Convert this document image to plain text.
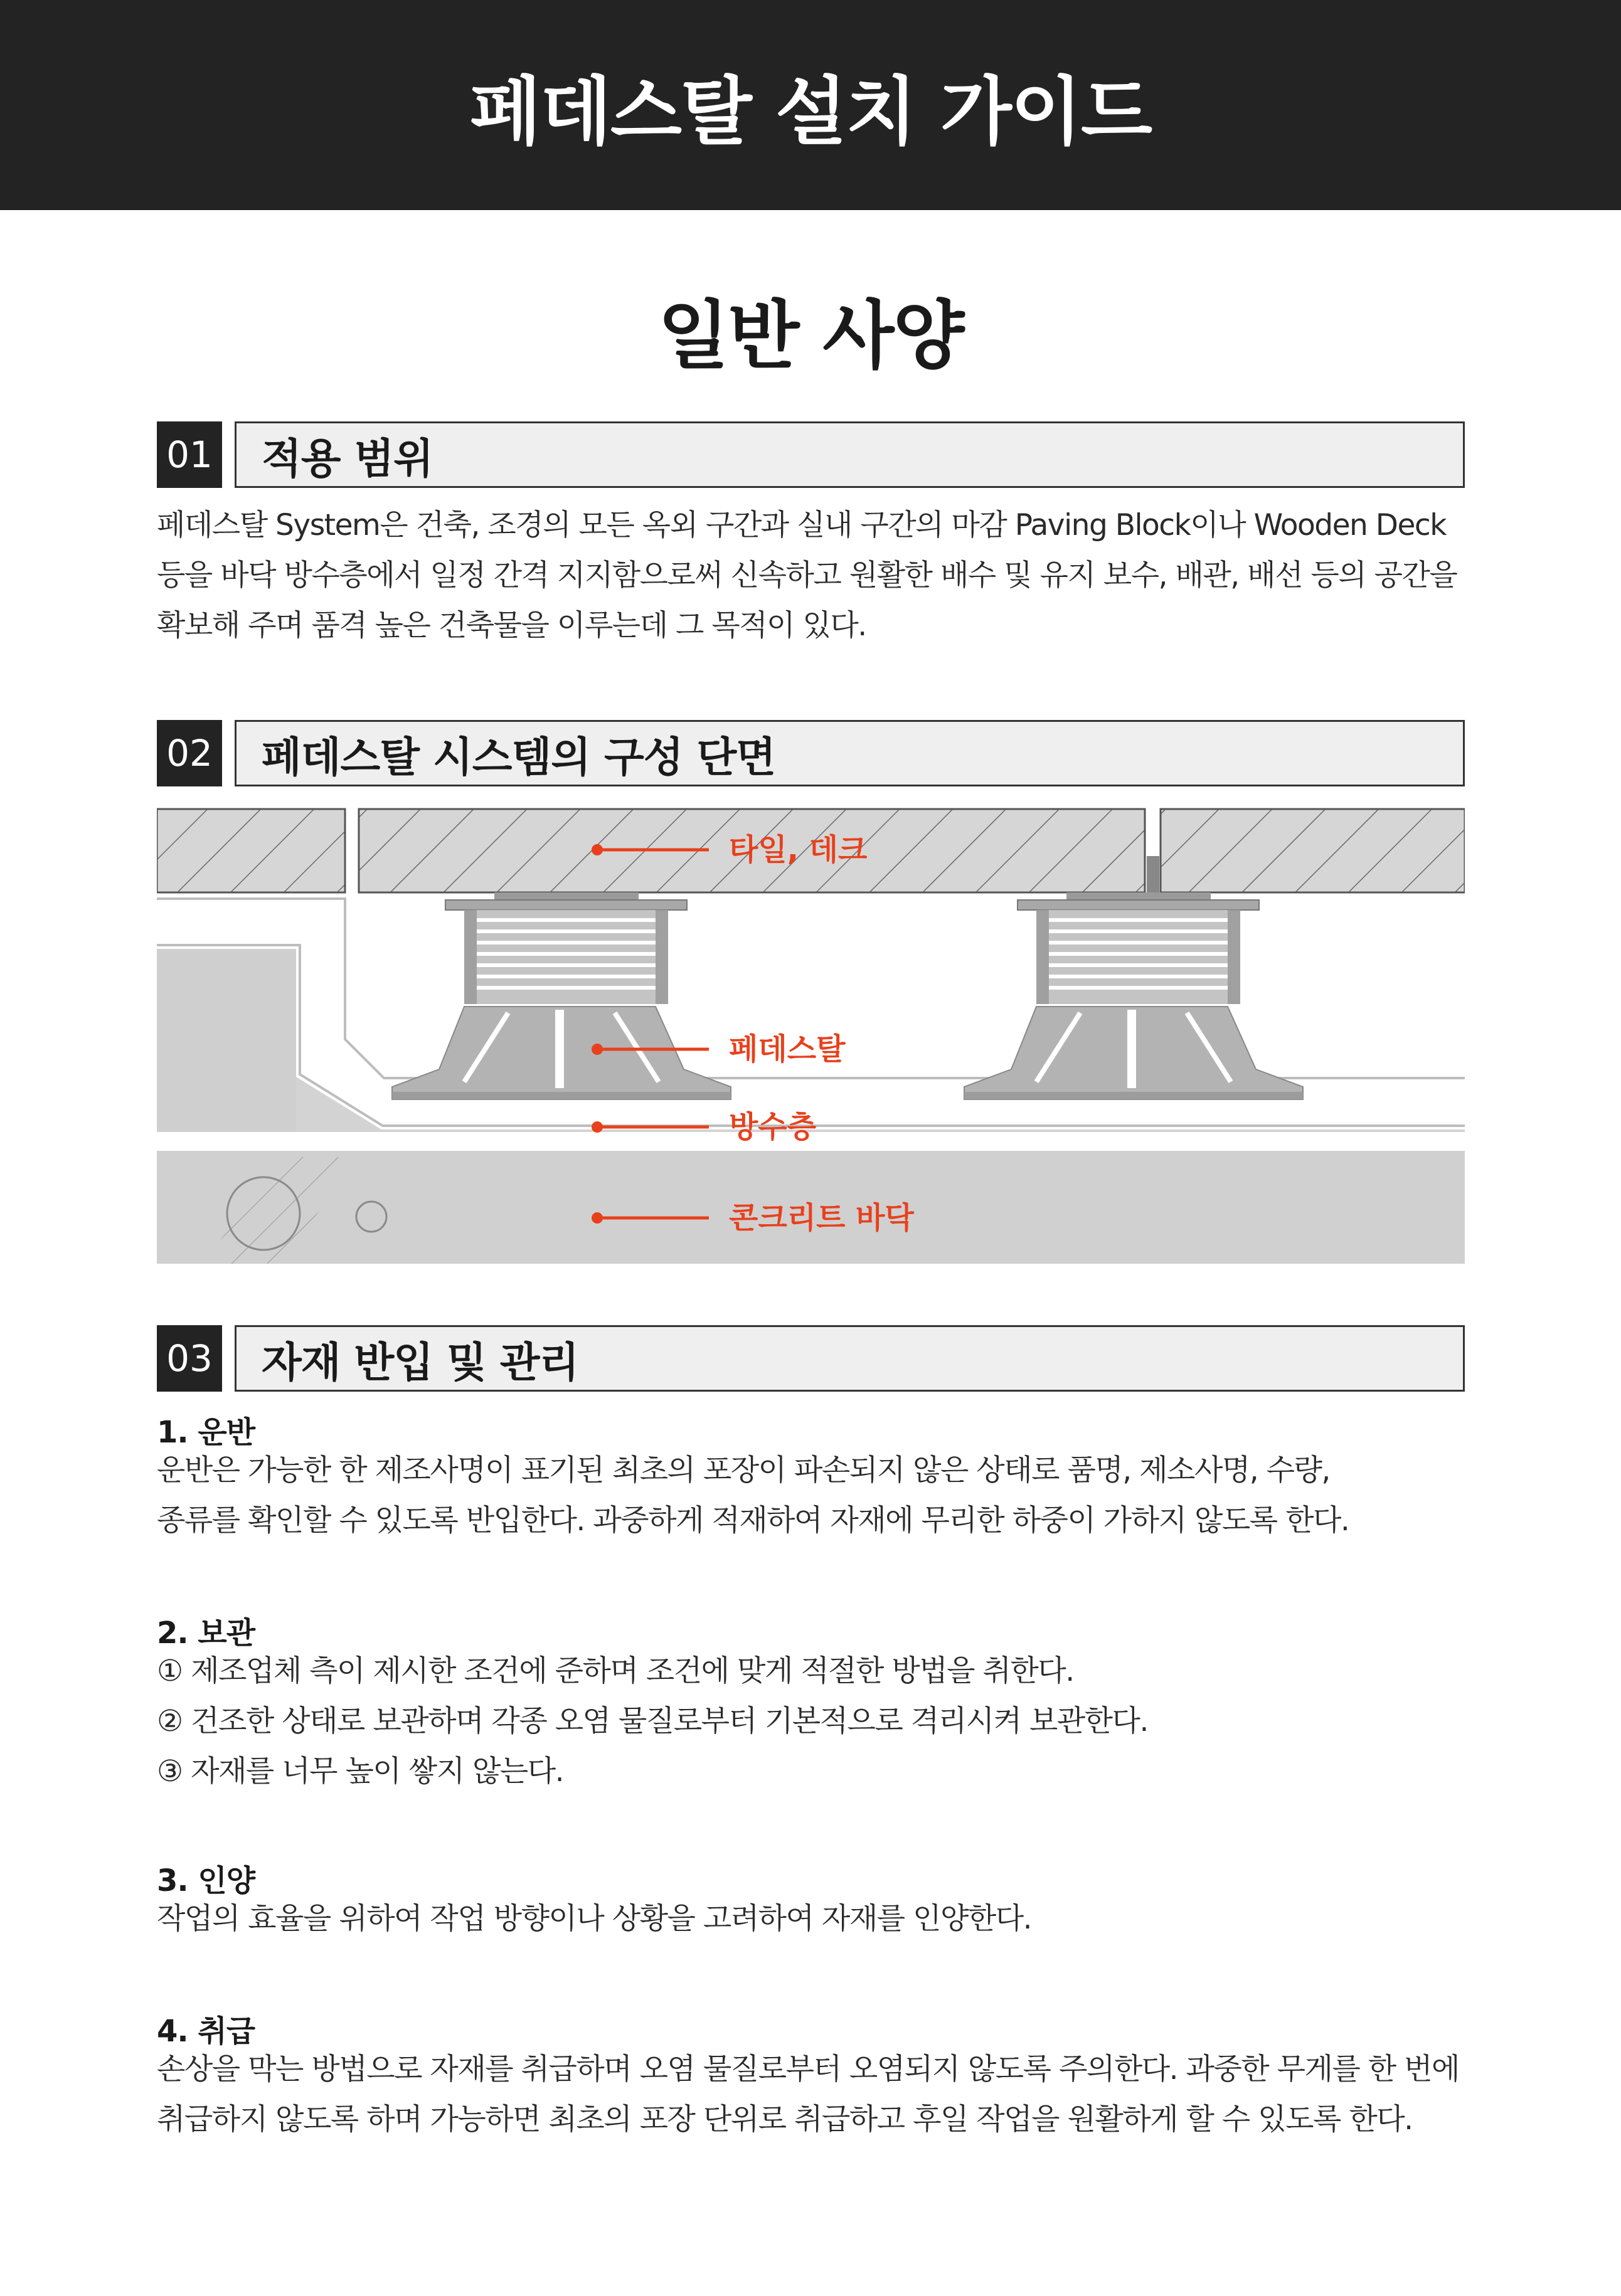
페데스탈 설치 가이드
일반 사양
01	적용 범위

페데스탈 System은 건축, 조경의 모든 옥외 구간과 실내 구간의 마감 Paving Block이나 Wooden Deck

등을 바닥 방수층에서 일정 간격 지지함으로써 신속하고 원활한 배수 및 유지 보수, 배관, 배선 등의 공간을

확보해 주며 품격 높은 건축물을 이루는데 그 목적이 있다.

02	페데스탈 시스템의 구성 단면
타일, 데크
페데스탈
방수층
콘크리트 바닥
03	자재 반입 및 관리
1. 운반

운반은 가능한 한 제조사명이 표기된 최초의 포장이 파손되지 않은 상태로 품명, 제소사명, 수량,

종류를 확인할 수 있도록 반입한다. 과중하게 적재하여 자재에 무리한 하중이 가하지 않도록 한다.

2. 보관

① 제조업체 측이 제시한 조건에 준하며 조건에 맞게 적절한 방법을 취한다.

② 건조한 상태로 보관하며 각종 오염 물질로부터 기본적으로 격리시켜 보관한다.

③ 자재를 너무 높이 쌓지 않는다.

3. 인양

작업의 효율을 위하여 작업 방향이나 상황을 고려하여 자재를 인양한다.

4. 취급

손상을 막는 방법으로 자재를 취급하며 오염 물질로부터 오염되지 않도록 주의한다. 과중한 무게를 한 번에

취급하지 않도록 하며 가능하면 최초의 포장 단위로 취급하고 후일 작업을 원활하게 할 수 있도록 한다.
